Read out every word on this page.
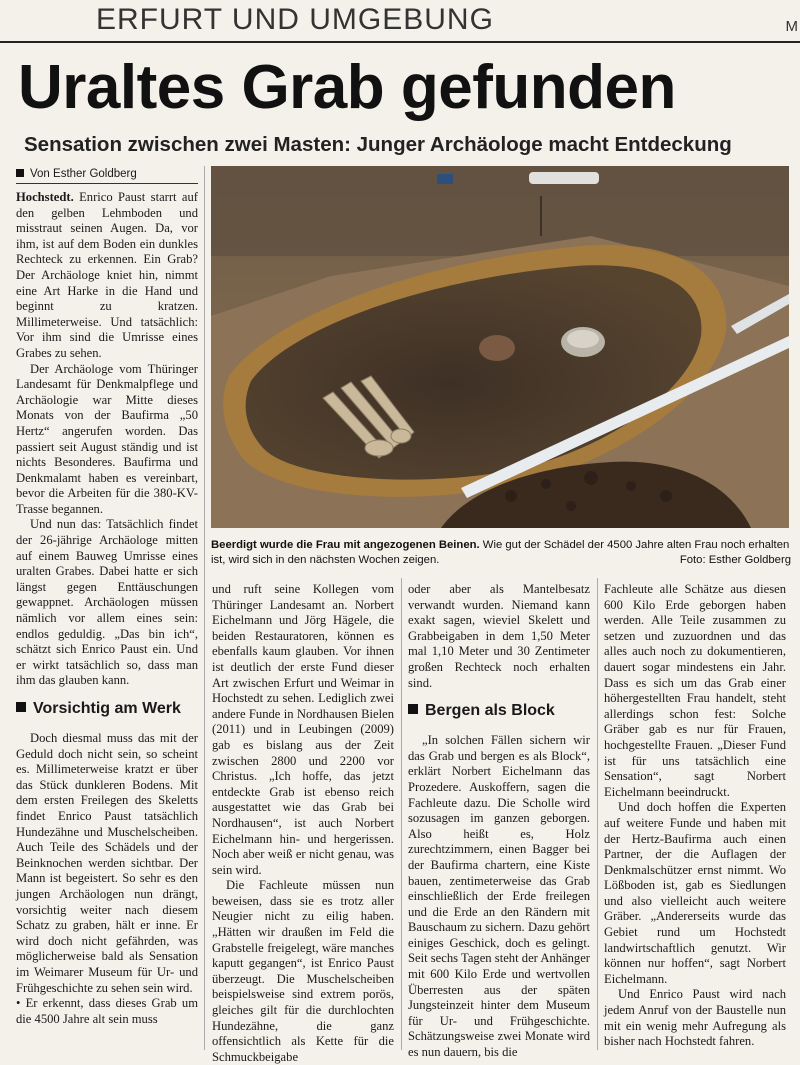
ERFURT UND UMGEBUNG	M
Uraltes Grab gefunden
Sensation zwischen zwei Masten: Junger Archäologe macht Entdeckung
Von Esther Goldberg

Hochstedt. Enrico Paust starrt auf den gelben Lehmboden und misstraut seinen Augen. Da, vor ihm, ist auf dem Boden ein dunkles Rechteck zu erkennen. Ein Grab? Der Archäologe kniet hin, nimmt eine Art Harke in die Hand und beginnt zu kratzen. Millimeterweise. Und tatsächlich: Vor ihm sind die Umrisse eines Grabes zu sehen.

Der Archäologe vom Thüringer Landesamt für Denkmalpflege und Archäologie war Mitte dieses Monats von der Baufirma „50 Hertz“ angerufen worden. Das passiert seit August ständig und ist nichts Besonderes. Baufirma und Denkmalamt haben es vereinbart, bevor die Arbeiten für die 380-KV-Trasse begannen.

Und nun das: Tatsächlich findet der 26-jährige Archäologe mitten auf einem Bauweg Umrisse eines uralten Grabes. Dabei hatte er sich längst gegen Enttäuschungen gewappnet. Archäologen müssen nämlich vor allem eines sein: endlos geduldig. „Das bin ich“, schätzt sich Enrico Paust ein. Und er wirkt tatsächlich so, dass man ihm das glauben kann.

Vorsichtig am Werk

Doch diesmal muss das mit der Geduld doch nicht sein, so scheint es. Millimeterweise kratzt er über das Stück dunkleren Bodens. Mit dem ersten Freilegen des Skeletts findet Enrico Paust tatsächlich Hundezähne und Muschelscheiben. Auch Teile des Schädels und der Beinknochen werden sichtbar. Der Mann ist begeistert. So sehr es den jungen Archäologen nun drängt, vorsichtig weiter nach diesem Schatz zu graben, hält er inne. Er wird doch nicht gefährden, was möglicherweise bald als Sensation im Weimarer Museum für Ur- und Frühgeschichte zu sehen sein wird.

• Er erkennt, dass dieses Grab um die 4500 Jahre alt sein muss

Beerdigt wurde die Frau mit angezogenen Beinen. Wie gut der Schädel der 4500 Jahre alten Frau noch erhalten ist, wird sich in den nächsten Wochen zeigen.	Foto: Esther Goldberg

und ruft seine Kollegen vom Thüringer Landesamt an. Norbert Eichelmann und Jörg Hägele, die beiden Restauratoren, können es ebenfalls kaum glauben. Vor ihnen ist deutlich der erste Fund dieser Art zwischen Erfurt und Weimar in Hochstedt zu sehen. Lediglich zwei andere Funde in Nordhausen Bielen (2011) und in Leubingen (2009) gab es bislang aus der Zeit zwischen 2800 und 2200 vor Christus. „Ich hoffe, das jetzt entdeckte Grab ist ebenso reich ausgestattet wie das Grab bei Nordhausen“, ist auch Norbert Eichelmann hin- und hergerissen. Noch aber weiß er nicht genau, was sein wird.

Die Fachleute müssen nun beweisen, dass sie es trotz aller Neugier nicht zu eilig haben. „Hätten wir draußen im Feld die Grabstelle freigelegt, wäre manches kaputt gegangen“, ist Enrico Paust überzeugt. Die Muschelscheiben beispielsweise sind extrem porös, gleiches gilt für die durchlochten Hundezähne, die ganz offensichtlich als Kette für die Schmuckbeigabe

oder aber als Mantelbesatz verwandt wurden. Niemand kann exakt sagen, wieviel Skelett und Grabbeigaben in dem 1,50 Meter mal 1,10 Meter und 30 Zentimeter großen Rechteck noch erhalten sind.

Bergen als Block

„In solchen Fällen sichern wir das Grab und bergen es als Block“, erklärt Norbert Eichelmann das Prozedere. Auskoffern, sagen die Fachleute dazu. Die Scholle wird sozusagen im ganzen geborgen. Also heißt es, Holz zurechtzimmern, einen Bagger bei der Baufirma chartern, eine Kiste bauen, zentimeterweise das Grab einschließlich der Erde freilegen und die Erde an den Rändern mit Bauschaum zu sichern. Dazu gehört einiges Geschick, doch es gelingt. Seit sechs Tagen steht der Anhänger mit 600 Kilo Erde und wertvollen Überresten aus der späten Jungsteinzeit hinter dem Museum für Ur- und Frühgeschichte. Schätzungsweise zwei Monate wird es nun dauern, bis die

Fachleute alle Schätze aus diesen 600 Kilo Erde geborgen haben werden. Alle Teile zusammen zu setzen und zuzuordnen und das alles auch noch zu dokumentieren, dauert sogar mindestens ein Jahr. Dass es sich um das Grab einer höhergestellten Frau handelt, steht allerdings schon fest: Solche Gräber gab es nur für Frauen, hochgestellte Frauen. „Dieser Fund ist für uns tatsächlich eine Sensation“, sagt Norbert Eichelmann beeindruckt.

Und doch hoffen die Experten auf weitere Funde und haben mit der Hertz-Baufirma auch einen Partner, der die Auflagen der Denkmalschützer ernst nimmt. Wo Lößboden ist, gab es Siedlungen und also vielleicht auch weitere Gräber. „Andererseits wurde das Gebiet rund um Hochstedt landwirtschaftlich genutzt. Wir können nur hoffen“, sagt Norbert Eichelmann.

Und Enrico Paust wird nach jedem Anruf von der Baustelle nun mit ein wenig mehr Aufregung als bisher nach Hochstedt fahren.
